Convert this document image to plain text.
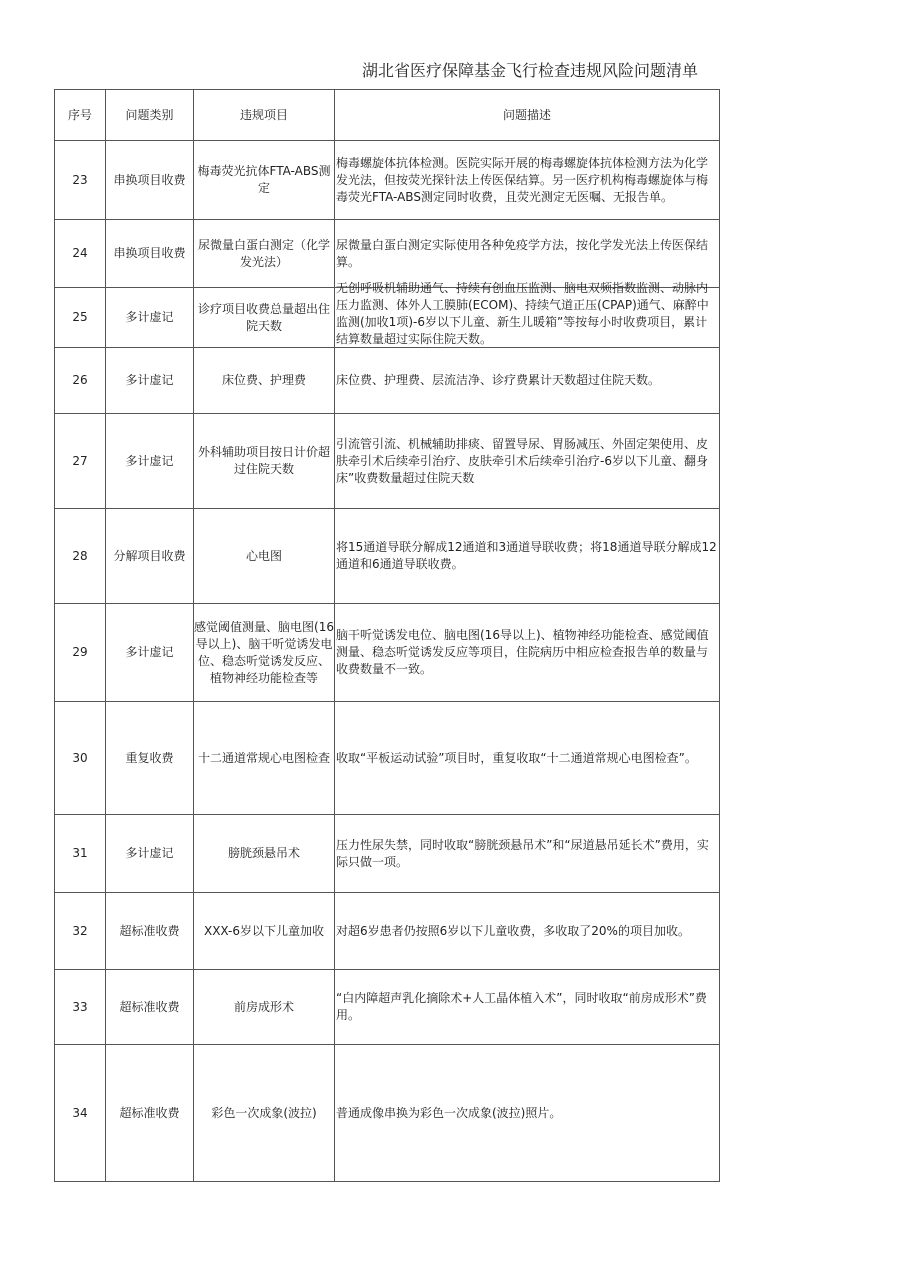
湖北省医疗保障基金飞行检查违规风险问题清单
序号	问题类别	违规项目	问题描述
23	串换项目收费	梅毒荧光抗体FTA-ABS测定	梅毒螺旋体抗体检测。医院实际开展的梅毒螺旋体抗体检测方法为化学发光法，但按荧光探针法上传医保结算。另一医疗机构梅毒螺旋体与梅毒荧光FTA-ABS测定同时收费，且荧光测定无医嘱、无报告单。
24	串换项目收费	尿微量白蛋白测定（化学发光法）	尿微量白蛋白测定实际使用各种免疫学方法，按化学发光法上传医保结算。
25	多计虚记	诊疗项目收费总量超出住院天数	无创呼吸机辅助通气、持续有创血压监测、脑电双频指数监测、动脉内压力监测、体外人工膜肺(ECOM)、持续气道正压(CPAP)通气、麻醉中监测(加收1项)-6岁以下儿童、新生儿暖箱”等按每小时收费项目，累计结算数量超过实际住院天数。

26	多计虚记	床位费、护理费	床位费、护理费、层流洁净、诊疗费累计天数超过住院天数。
27	多计虚记	外科辅助项目按日计价超过住院天数	引流管引流、机械辅助排痰、留置导尿、胃肠减压、外固定架使用、皮肤牵引术后续牵引治疗、皮肤牵引术后续牵引治疗-6岁以下儿童、翻身床”收费数量超过住院天数
28	分解项目收费	心电图	将15通道导联分解成12通道和3通道导联收费；将18通道导联分解成12通道和6通道导联收费。
29	多计虚记	感觉阈值测量、脑电图(16导以上)、脑干听觉诱发电位、稳态听觉诱发反应、植物神经功能检查等	脑干听觉诱发电位、脑电图(16导以上)、植物神经功能检查、感觉阈值测量、稳态听觉诱发反应等项目，住院病历中相应检查报告单的数量与收费数量不一致。
30	重复收费	十二通道常规心电图检查	收取“平板运动试验”项目时，重复收取“十二通道常规心电图检查”。
31	多计虚记	膀胱颈悬吊术	压力性尿失禁，同时收取“膀胱颈悬吊术”和“尿道悬吊延长术”费用，实际只做一项。
32	超标准收费	XXX-6岁以下儿童加收	对超6岁患者仍按照6岁以下儿童收费，多收取了20%的项目加收。
33	超标准收费	前房成形术	“白内障超声乳化摘除术+人工晶体植入术”，同时收取“前房成形术”费用。
34	超标准收费	彩色一次成象(波拉)	普通成像串换为彩色一次成象(波拉)照片。
